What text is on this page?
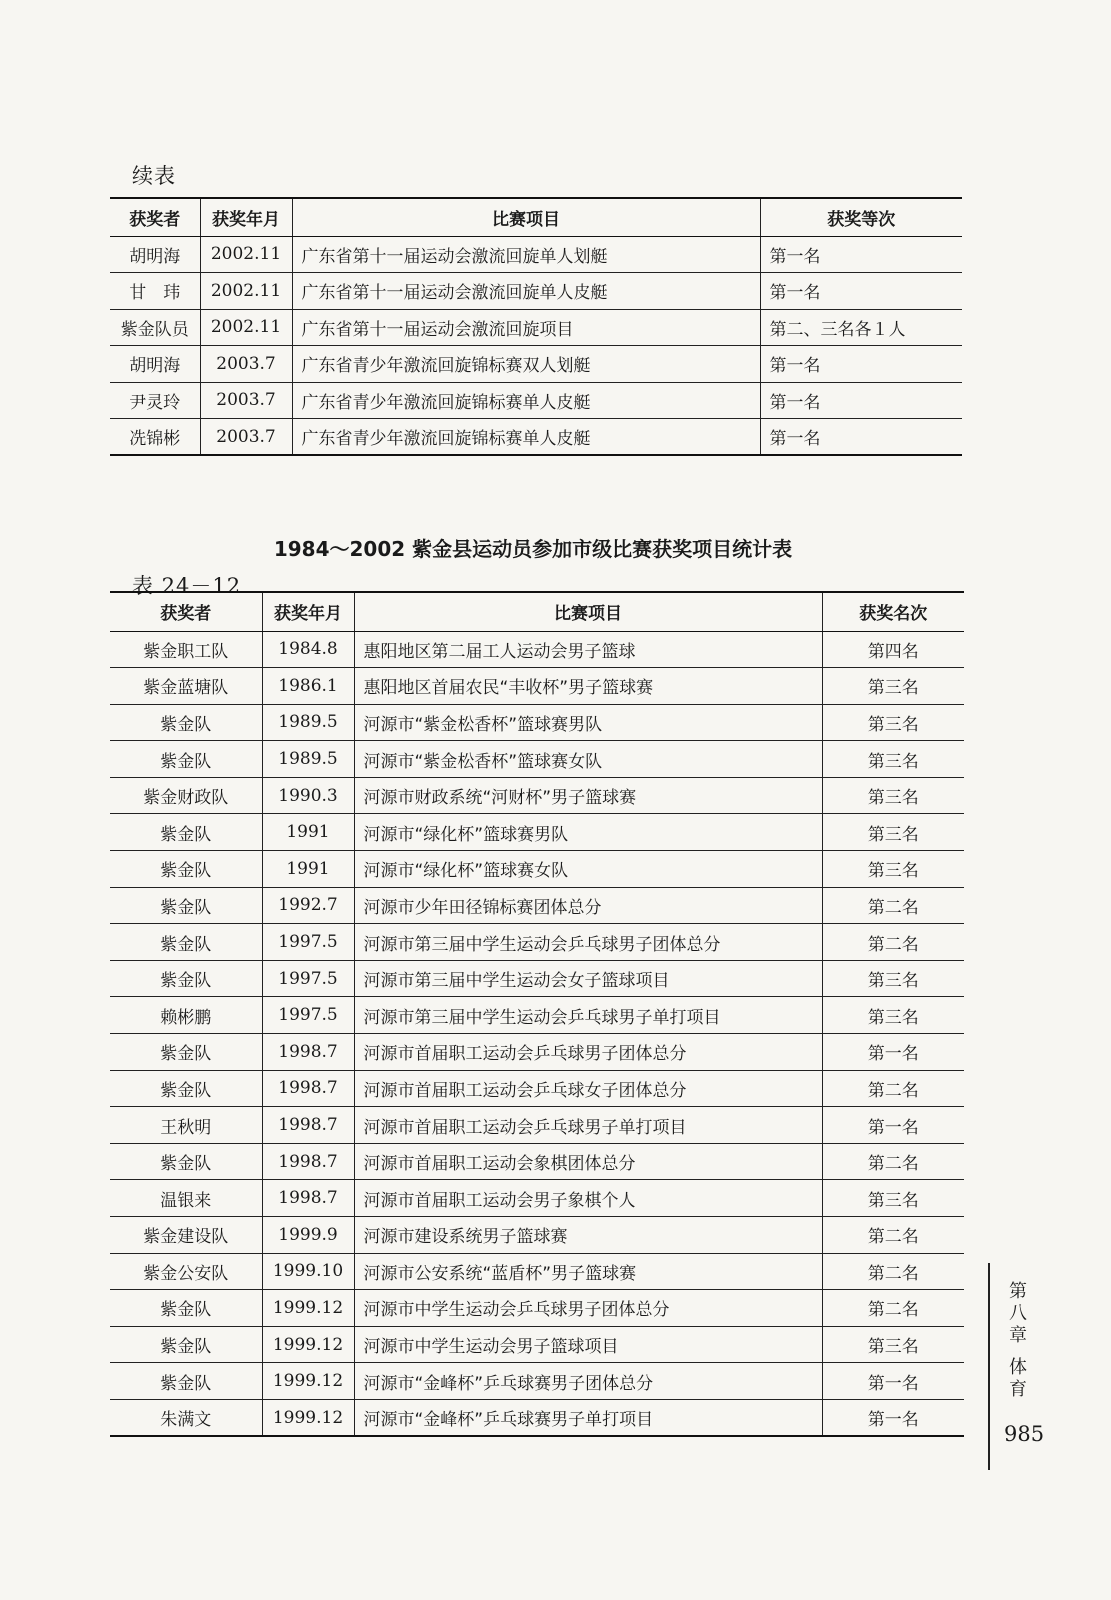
续表
获奖者	获奖年月	比赛项目	获奖等次
胡明海	2002.11	广东省第十一届运动会激流回旋单人划艇	第一名
甘　玮	2002.11	广东省第十一届运动会激流回旋单人皮艇	第一名
紫金队员	2002.11	广东省第十一届运动会激流回旋项目	第二、三名各１人
胡明海	2003.7	广东省青少年激流回旋锦标赛双人划艇	第一名
尹灵玲	2003.7	广东省青少年激流回旋锦标赛单人皮艇	第一名
冼锦彬	2003.7	广东省青少年激流回旋锦标赛单人皮艇	第一名
1984～2002 紫金县运动员参加市级比赛获奖项目统计表
表 24－12
获奖者	获奖年月	比赛项目	获奖名次
紫金职工队	1984.8	惠阳地区第二届工人运动会男子篮球	第四名
紫金蓝塘队	1986.1	惠阳地区首届农民“丰收杯”男子篮球赛	第三名
紫金队	1989.5	河源市“紫金松香杯”篮球赛男队	第三名
紫金队	1989.5	河源市“紫金松香杯”篮球赛女队	第三名
紫金财政队	1990.3	河源市财政系统“河财杯”男子篮球赛	第三名
紫金队	1991	河源市“绿化杯”篮球赛男队	第三名
紫金队	1991	河源市“绿化杯”篮球赛女队	第三名
紫金队	1992.7	河源市少年田径锦标赛团体总分	第二名
紫金队	1997.5	河源市第三届中学生运动会乒乓球男子团体总分	第二名
紫金队	1997.5	河源市第三届中学生运动会女子篮球项目	第三名
赖彬鹏	1997.5	河源市第三届中学生运动会乒乓球男子单打项目	第三名
紫金队	1998.7	河源市首届职工运动会乒乓球男子团体总分	第一名
紫金队	1998.7	河源市首届职工运动会乒乓球女子团体总分	第二名
王秋明	1998.7	河源市首届职工运动会乒乓球男子单打项目	第一名
紫金队	1998.7	河源市首届职工运动会象棋团体总分	第二名
温银来	1998.7	河源市首届职工运动会男子象棋个人	第三名
紫金建设队	1999.9	河源市建设系统男子篮球赛	第二名
紫金公安队	1999.10	河源市公安系统“蓝盾杯”男子篮球赛	第二名
紫金队	1999.12	河源市中学生运动会乒乓球男子团体总分	第二名
紫金队	1999.12	河源市中学生运动会男子篮球项目	第三名
紫金队	1999.12	河源市“金峰杯”乒乓球赛男子团体总分	第一名
朱满文	1999.12	河源市“金峰杯”乒乓球赛男子单打项目	第一名
第
八
章
体
育
985
